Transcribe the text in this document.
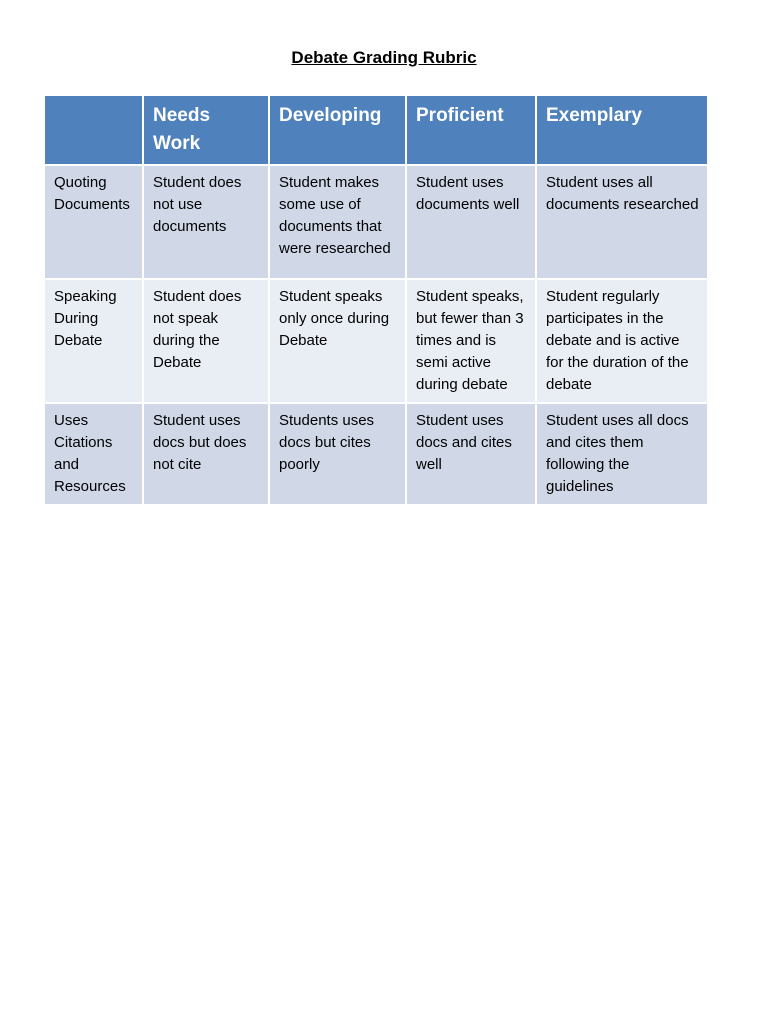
Debate Grading Rubric
	Needs Work	Developing	Proficient	Exemplary
Quoting Documents	Student does not use documents	Student makes some use of documents that were researched	Student uses documents well	Student uses all documents researched
Speaking During Debate	Student does not speak during the Debate	Student speaks only once during Debate	Student speaks, but fewer than 3 times and is semi active during debate	Student regularly participates in the debate and is active for the duration of the debate
Uses Citations and Resources	Student uses docs but does not cite	Students uses docs but cites poorly	Student uses docs and cites well	Student uses all docs and cites them following the guidelines
